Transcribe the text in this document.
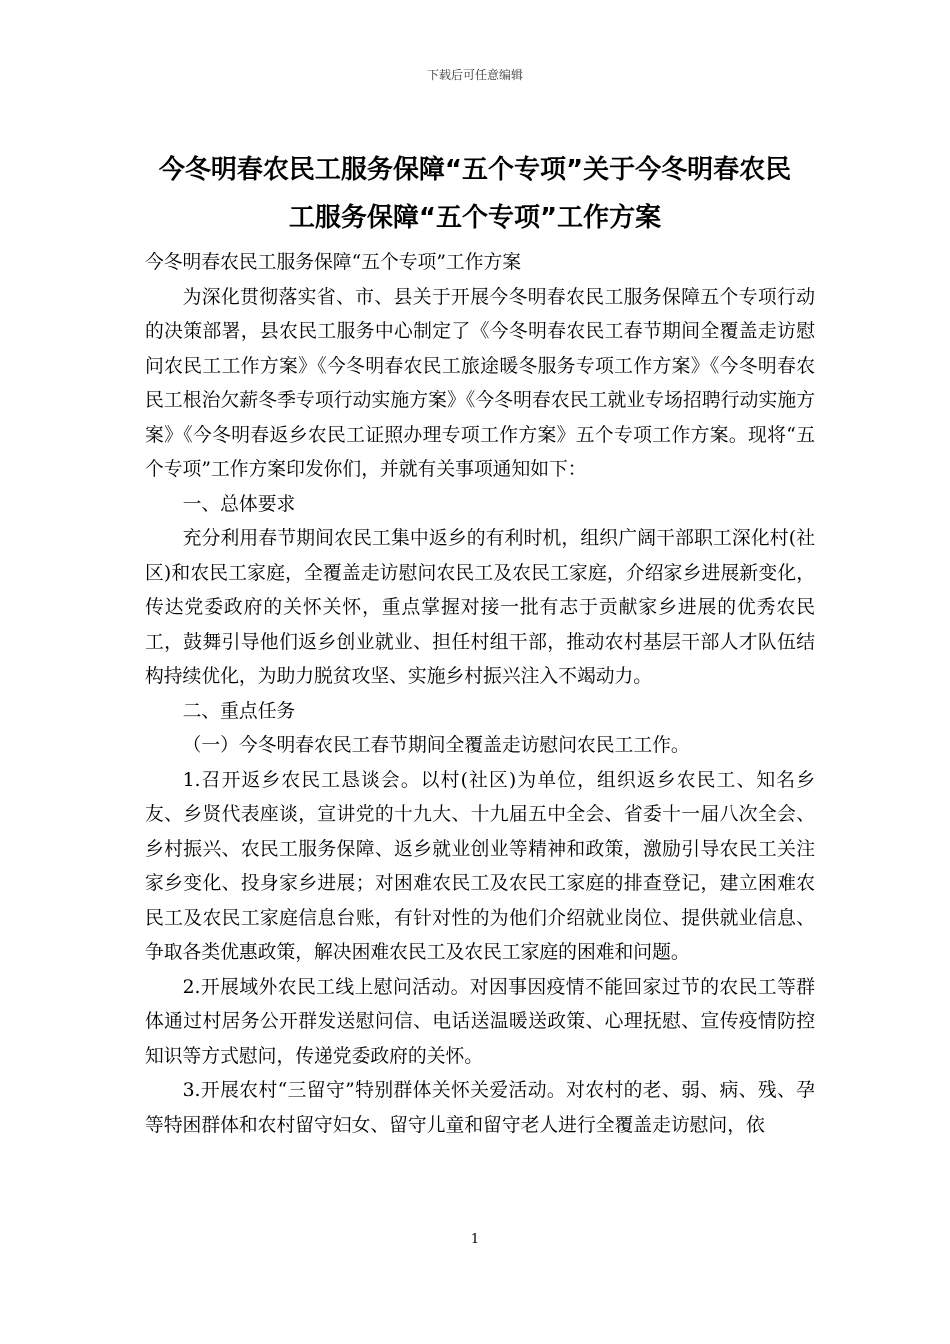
下载后可任意编辑
今冬明春农民工服务保障“五个专项”关于今冬明春农民
工服务保障“五个专项”工作方案

今冬明春农民工服务保障“五个专项”工作方案

为深化贯彻落实省、市、县关于开展今冬明春农民工服务保障五个专项行动的决策部署，县农民工服务中心制定了《今冬明春农民工春节期间全覆盖走访慰问农民工工作方案》《今冬明春农民工旅途暖冬服务专项工作方案》《今冬明春农民工根治欠薪冬季专项行动实施方案》《今冬明春农民工就业专场招聘行动实施方案》《今冬明春返乡农民工证照办理专项工作方案》五个专项工作方案。现将“五个专项”工作方案印发你们，并就有关事项通知如下：

一、总体要求

充分利用春节期间农民工集中返乡的有利时机，组织广阔干部职工深化村(社区)和农民工家庭，全覆盖走访慰问农民工及农民工家庭，介绍家乡进展新变化，传达党委政府的关怀关怀，重点掌握对接一批有志于贡献家乡进展的优秀农民工，鼓舞引导他们返乡创业就业、担任村组干部，推动农村基层干部人才队伍结构持续优化，为助力脱贫攻坚、实施乡村振兴注入不竭动力。

二、重点任务

（一）今冬明春农民工春节期间全覆盖走访慰问农民工工作。

1.召开返乡农民工恳谈会。以村(社区)为单位，组织返乡农民工、知名乡友、乡贤代表座谈，宣讲党的十九大、十九届五中全会、省委十一届八次全会、乡村振兴、农民工服务保障、返乡就业创业等精神和政策，激励引导农民工关注家乡变化、投身家乡进展；对困难农民工及农民工家庭的排查登记，建立困难农民工及农民工家庭信息台账，有针对性的为他们介绍就业岗位、提供就业信息、争取各类优惠政策，解决困难农民工及农民工家庭的困难和问题。

2.开展域外农民工线上慰问活动。对因事因疫情不能回家过节的农民工等群体通过村居务公开群发送慰问信、电话送温暖送政策、心理抚慰、宣传疫情防控知识等方式慰问，传递党委政府的关怀。

3.开展农村“三留守”特别群体关怀关爱活动。对农村的老、弱、病、残、孕等特困群体和农村留守妇女、留守儿童和留守老人进行全覆盖走访慰问，依

1
